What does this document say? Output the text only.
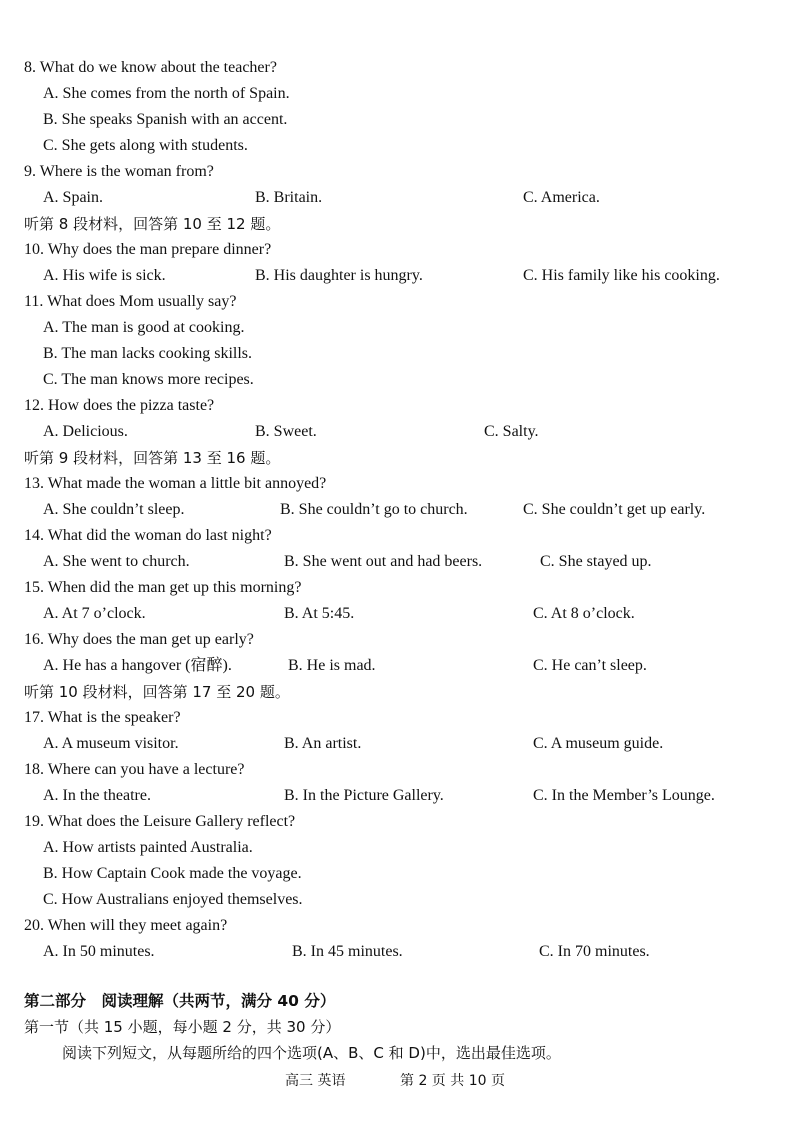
8. What do we know about the teacher?
A. She comes from the north of Spain.
B. She speaks Spanish with an accent.
C. She gets along with students.
9. Where is the woman from?
A. Spain.	B. Britain.	C. America.
听第 8 段材料，回答第 10 至 12 题。
10. Why does the man prepare dinner?
A. His wife is sick.	B. His daughter is hungry.	C. His family like his cooking.
11. What does Mom usually say?
A. The man is good at cooking.
B. The man lacks cooking skills.
C. The man knows more recipes.
12. How does the pizza taste?
A. Delicious.	B. Sweet.	C. Salty.
听第 9 段材料，回答第 13 至 16 题。
13. What made the woman a little bit annoyed?
A. She couldn’t sleep.	B. She couldn’t go to church.	C. She couldn’t get up early.
14. What did the woman do last night?
A. She went to church.	B. She went out and had beers.	C. She stayed up.
15. When did the man get up this morning?
A. At 7 o’clock.	B. At 5:45.	C. At 8 o’clock.
16. Why does the man get up early?
A. He has a hangover (宿醉).	B. He is mad.	C. He can’t sleep.
听第 10 段材料，回答第 17 至 20 题。
17. What is the speaker?
A. A museum visitor.	B. An artist.	C. A museum guide.
18. Where can you have a lecture?
A. In the theatre.	B. In the Picture Gallery.	C. In the Member’s Lounge.
19. What does the Leisure Gallery reflect?
A. How artists painted Australia.
B. How Captain Cook made the voyage.
C. How Australians enjoyed themselves.
20. When will they meet again?
A. In 50 minutes.	B. In 45 minutes.	C. In 70 minutes.
第二部分　阅读理解（共两节，满分 40 分）
第一节（共 15 小题，每小题 2 分，共 30 分）
阅读下列短文，从每题所给的四个选项(A、B、C 和 D)中，选出最佳选项。
高三 英语	第 2 页 共 10 页
